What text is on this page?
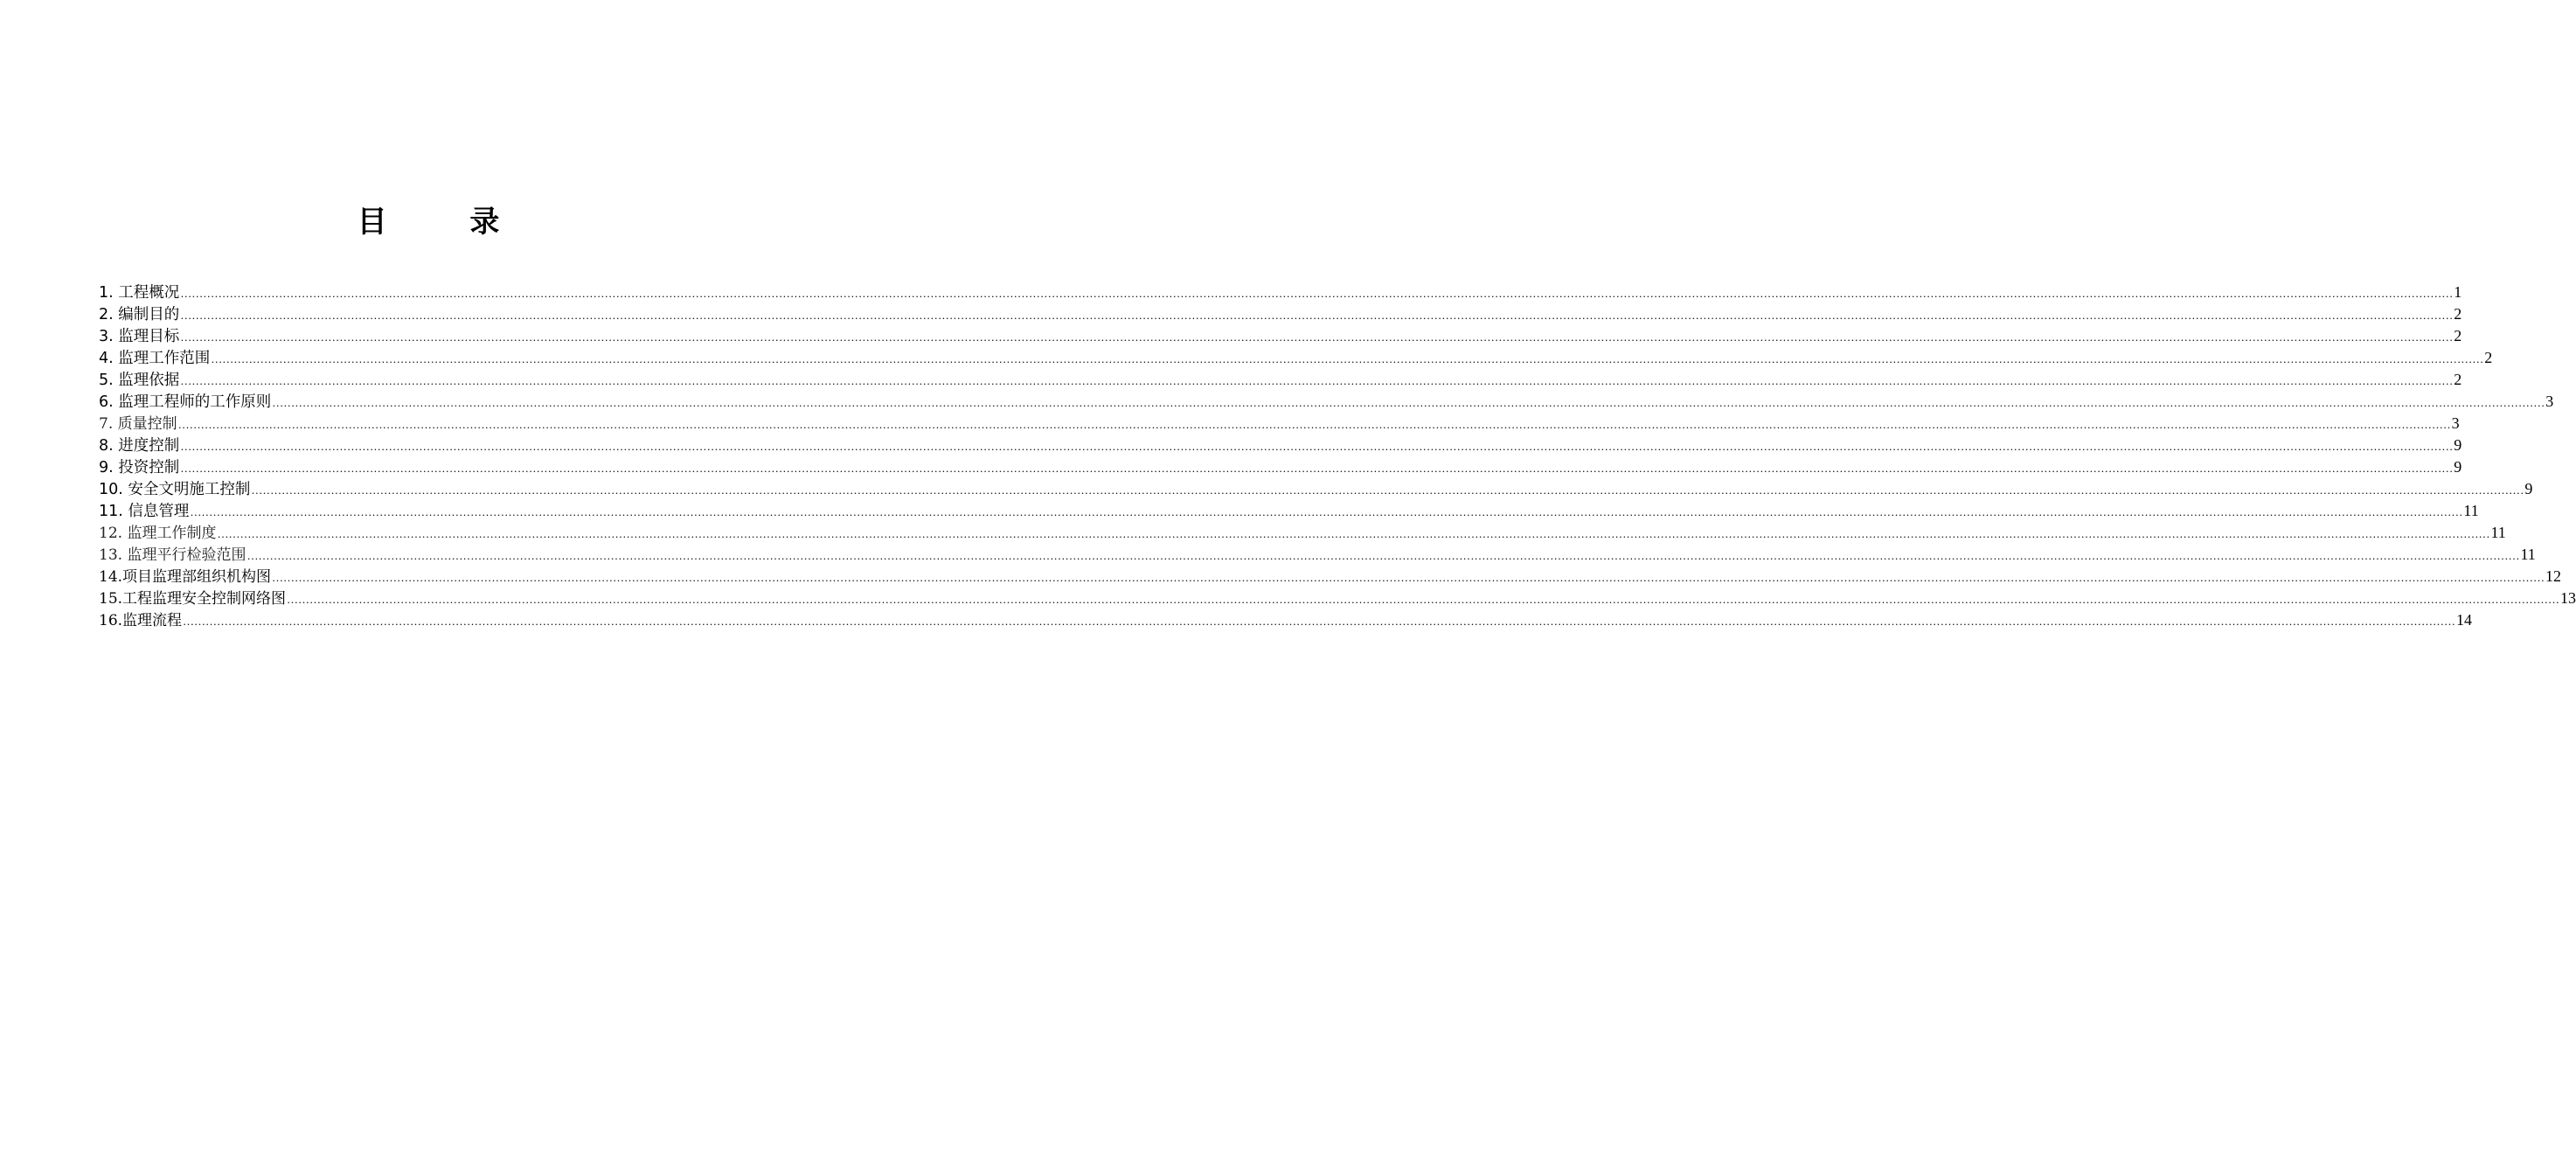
目        录
1. 工程概况 …………………………………………………………………………………………………………………………………………………………………………………………………………………………………………………………………………………………………………………………………………………………………………………………………………………………………………………………………………………………………………………………………………………… 1
2. 编制目的 …………………………………………………………………………………………………………………………………………………………………………………………………………………………………………………………………………………………………………………………………………………………………………………………………………………………………………………………………………………………………………………………………………………… 2
3. 监理目标 …………………………………………………………………………………………………………………………………………………………………………………………………………………………………………………………………………………………………………………………………………………………………………………………………………………………………………………………………………………………………………………………………………………… 2
4. 监理工作范围 …………………………………………………………………………………………………………………………………………………………………………………………………………………………………………………………………………………………………………………………………………………………………………………………………………………………………………………………………………………………………………………………………………………… 2
5. 监理依据 …………………………………………………………………………………………………………………………………………………………………………………………………………………………………………………………………………………………………………………………………………………………………………………………………………………………………………………………………………………………………………………………………………………… 2
6. 监理工程师的工作原则 …………………………………………………………………………………………………………………………………………………………………………………………………………………………………………………………………………………………………………………………………………………………………………………………………………………………………………………………………………………………………………………………………………………… 3
7. 质量控制 …………………………………………………………………………………………………………………………………………………………………………………………………………………………………………………………………………………………………………………………………………………………………………………………………………………………………………………………………………………………………………………………………………………… 3
8. 进度控制 …………………………………………………………………………………………………………………………………………………………………………………………………………………………………………………………………………………………………………………………………………………………………………………………………………………………………………………………………………………………………………………………………………………… 9
9. 投资控制 …………………………………………………………………………………………………………………………………………………………………………………………………………………………………………………………………………………………………………………………………………………………………………………………………………………………………………………………………………………………………………………………………………………… 9
10. 安全文明施工控制 …………………………………………………………………………………………………………………………………………………………………………………………………………………………………………………………………………………………………………………………………………………………………………………………………………………………………………………………………………………………………………………………………………………… 9
11. 信息管理 …………………………………………………………………………………………………………………………………………………………………………………………………………………………………………………………………………………………………………………………………………………………………………………………………………………………………………………………………………………………………………………………………………………… 11
12. 监理工作制度 …………………………………………………………………………………………………………………………………………………………………………………………………………………………………………………………………………………………………………………………………………………………………………………………………………………………………………………………………………………………………………………………………………………… 11
13. 监理平行检验范围 …………………………………………………………………………………………………………………………………………………………………………………………………………………………………………………………………………………………………………………………………………………………………………………………………………………………………………………………………………………………………………………………………………………… 11
14.项目监理部组织机构图 …………………………………………………………………………………………………………………………………………………………………………………………………………………………………………………………………………………………………………………………………………………………………………………………………………………………………………………………………………………………………………………………………………………… 12
15.工程监理安全控制网络图 …………………………………………………………………………………………………………………………………………………………………………………………………………………………………………………………………………………………………………………………………………………………………………………………………………………………………………………………………………………………………………………………………………………… 13
16.监理流程 …………………………………………………………………………………………………………………………………………………………………………………………………………………………………………………………………………………………………………………………………………………………………………………………………………………………………………………………………………………………………………………………………………………… 14
